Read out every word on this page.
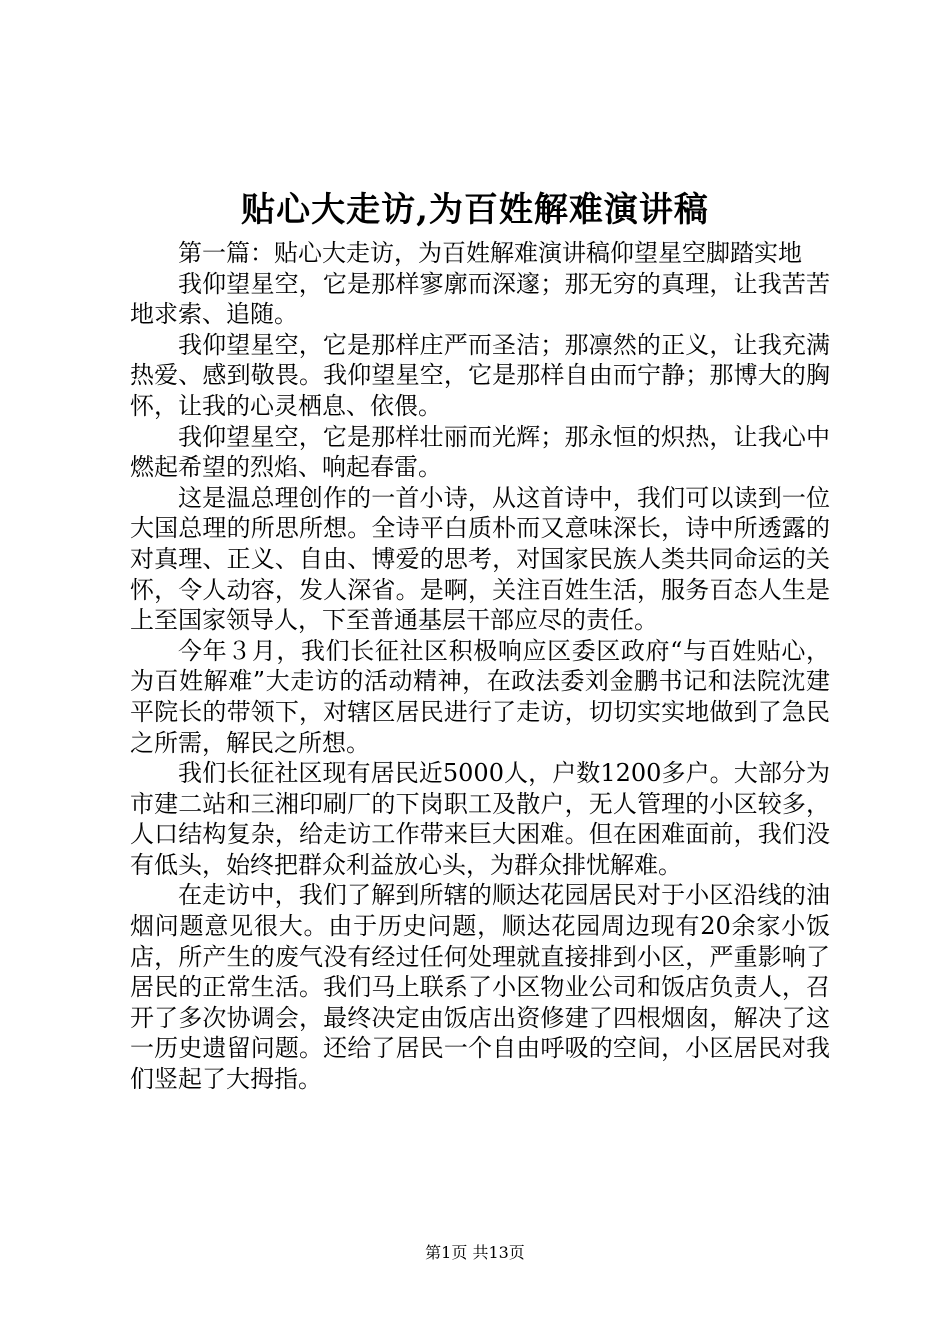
贴心大走访,为百姓解难演讲稿

第一篇：贴心大走访，为百姓解难演讲稿仰望星空脚踏实地

我仰望星空，它是那样寥廓而深邃；那无穷的真理，让我苦苦地求索、追随。

我仰望星空，它是那样庄严而圣洁；那凛然的正义，让我充满热爱、感到敬畏。我仰望星空，它是那样自由而宁静；那博大的胸怀，让我的心灵栖息、依偎。

我仰望星空，它是那样壮丽而光辉；那永恒的炽热，让我心中燃起希望的烈焰、响起春雷。

这是温总理创作的一首小诗，从这首诗中，我们可以读到一位大国总理的所思所想。全诗平白质朴而又意味深长，诗中所透露的对真理、正义、自由、博爱的思考，对国家民族人类共同命运的关怀，令人动容，发人深省。是啊，关注百姓生活，服务百态人生是上至国家领导人，下至普通基层干部应尽的责任。

今年３月，我们长征社区积极响应区委区政府“与百姓贴心，为百姓解难”大走访的活动精神，在政法委刘金鹏书记和法院沈建平院长的带领下，对辖区居民进行了走访，切切实实地做到了急民之所需，解民之所想。

我们长征社区现有居民近5000人，户数1200多户。大部分为市建二站和三湘印刷厂的下岗职工及散户，无人管理的小区较多，人口结构复杂，给走访工作带来巨大困难。但在困难面前，我们没有低头，始终把群众利益放心头，为群众排忧解难。

在走访中，我们了解到所辖的顺达花园居民对于小区沿线的油烟问题意见很大。由于历史问题，顺达花园周边现有20余家小饭店，所产生的废气没有经过任何处理就直接排到小区，严重影响了居民的正常生活。我们马上联系了小区物业公司和饭店负责人，召开了多次协调会，最终决定由饭店出资修建了四根烟囱，解决了这一历史遗留问题。还给了居民一个自由呼吸的空间，小区居民对我们竖起了大拇指。

第1页 共13页
